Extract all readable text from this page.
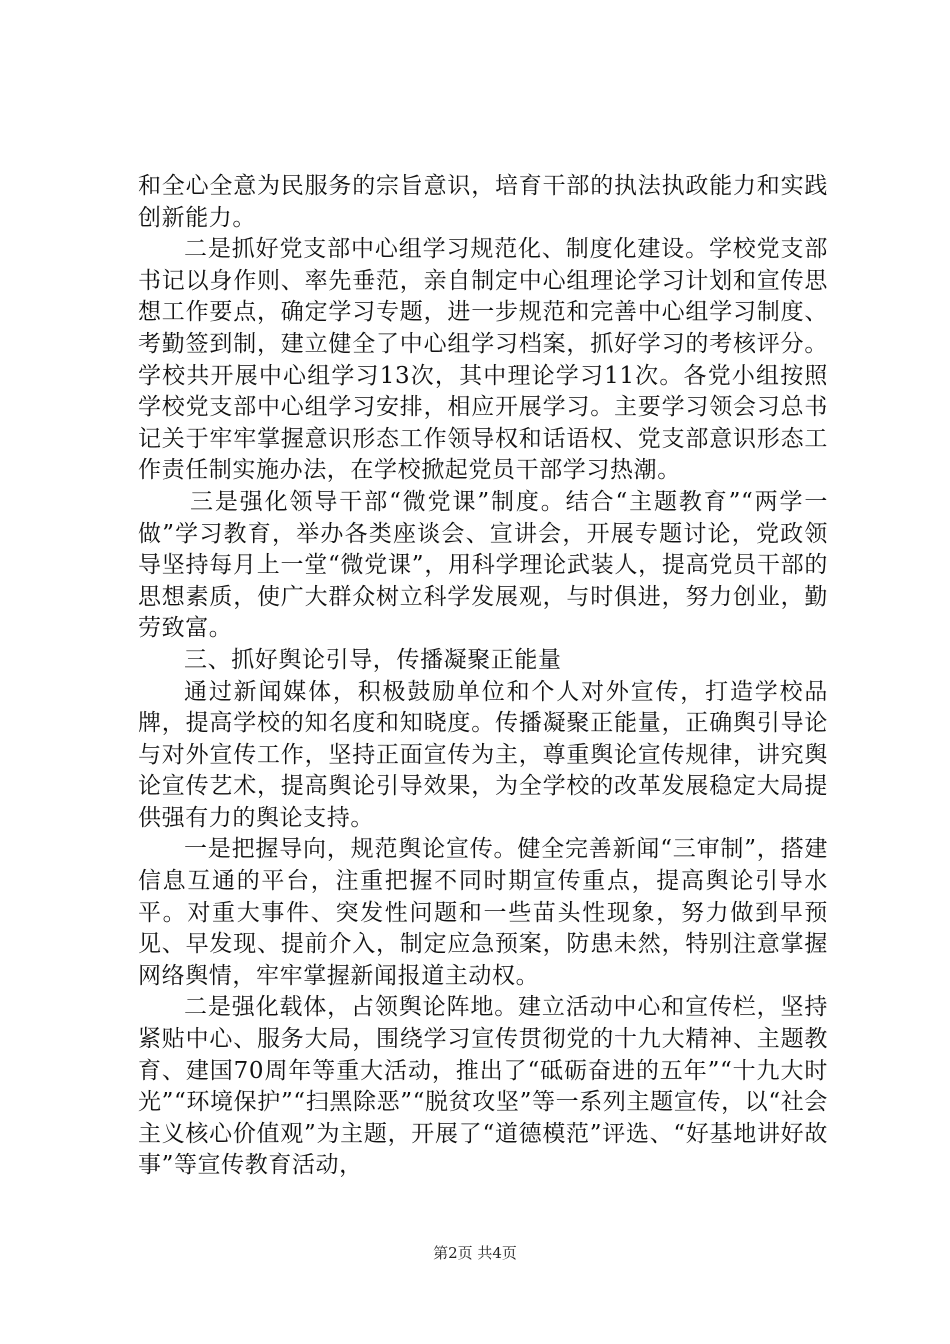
和全心全意为民服务的宗旨意识，培育干部的执法执政能力和实践创新能力。

二是抓好党支部中心组学习规范化、制度化建设。学校党支部书记以身作则、率先垂范，亲自制定中心组理论学习计划和宣传思想工作要点，确定学习专题，进一步规范和完善中心组学习制度、考勤签到制，建立健全了中心组学习档案，抓好学习的考核评分。学校共开展中心组学习13次，其中理论学习11次。各党小组按照学校党支部中心组学习安排，相应开展学习。主要学习领会习总书记关于牢牢掌握意识形态工作领导权和话语权、党支部意识形态工作责任制实施办法，在学校掀起党员干部学习热潮。

三是强化领导干部“微党课”制度。结合“主题教育”“两学一做”学习教育，举办各类座谈会、宣讲会，开展专题讨论，党政领导坚持每月上一堂“微党课”，用科学理论武装人，提高党员干部的思想素质，使广大群众树立科学发展观，与时俱进，努力创业，勤劳致富。

三、抓好舆论引导，传播凝聚正能量

通过新闻媒体，积极鼓励单位和个人对外宣传，打造学校品牌，提高学校的知名度和知晓度。传播凝聚正能量，正确舆引导论与对外宣传工作，坚持正面宣传为主，尊重舆论宣传规律，讲究舆论宣传艺术，提高舆论引导效果，为全学校的改革发展稳定大局提供强有力的舆论支持。

一是把握导向，规范舆论宣传。健全完善新闻“三审制”，搭建信息互通的平台，注重把握不同时期宣传重点，提高舆论引导水平。对重大事件、突发性问题和一些苗头性现象，努力做到早预见、早发现、提前介入，制定应急预案，防患未然，特别注意掌握网络舆情，牢牢掌握新闻报道主动权。

二是强化载体，占领舆论阵地。建立活动中心和宣传栏，坚持紧贴中心、服务大局，围绕学习宣传贯彻党的十九大精神、主题教育、建国70周年等重大活动，推出了“砥砺奋进的五年”“十九大时光”“环境保护”“扫黑除恶”“脱贫攻坚”等一系列主题宣传，以“社会主义核心价值观”为主题，开展了“道德模范”评选、“好基地讲好故事”等宣传教育活动，

第2页 共4页
